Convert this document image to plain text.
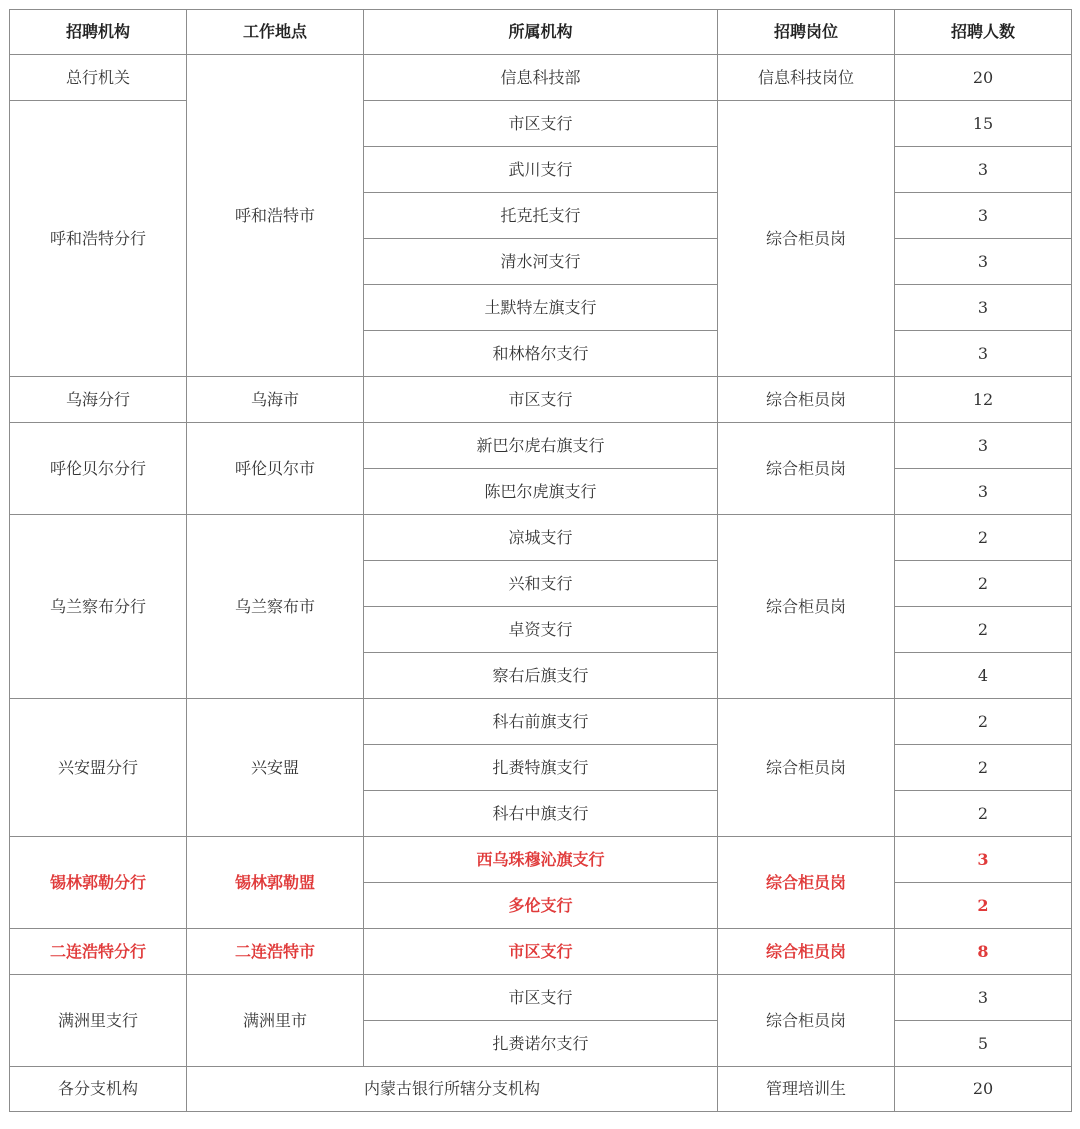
招聘机构	工作地点	所属机构	招聘岗位	招聘人数
总行机关	呼和浩特市	信息科技部	信息科技岗位	20
呼和浩特分行		市区支行	综合柜员岗	15
		武川支行		3
		托克托支行		3
		清水河支行		3
		土默特左旗支行		3
		和林格尔支行		3
乌海分行	乌海市	市区支行	综合柜员岗	12
呼伦贝尔分行	呼伦贝尔市	新巴尔虎右旗支行	综合柜员岗	3
		陈巴尔虎旗支行		3
乌兰察布分行	乌兰察布市	凉城支行	综合柜员岗	2
		兴和支行		2
		卓资支行		2
		察右后旗支行		4
兴安盟分行	兴安盟	科右前旗支行	综合柜员岗	2
		扎赉特旗支行		2
		科右中旗支行		2
锡林郭勒分行	锡林郭勒盟	西乌珠穆沁旗支行	综合柜员岗	3
		多伦支行		2
二连浩特分行	二连浩特市	市区支行	综合柜员岗	8
满洲里支行	满洲里市	市区支行	综合柜员岗	3
		扎赉诺尔支行		5
各分支机构	内蒙古银行所辖分支机构		管理培训生	20
